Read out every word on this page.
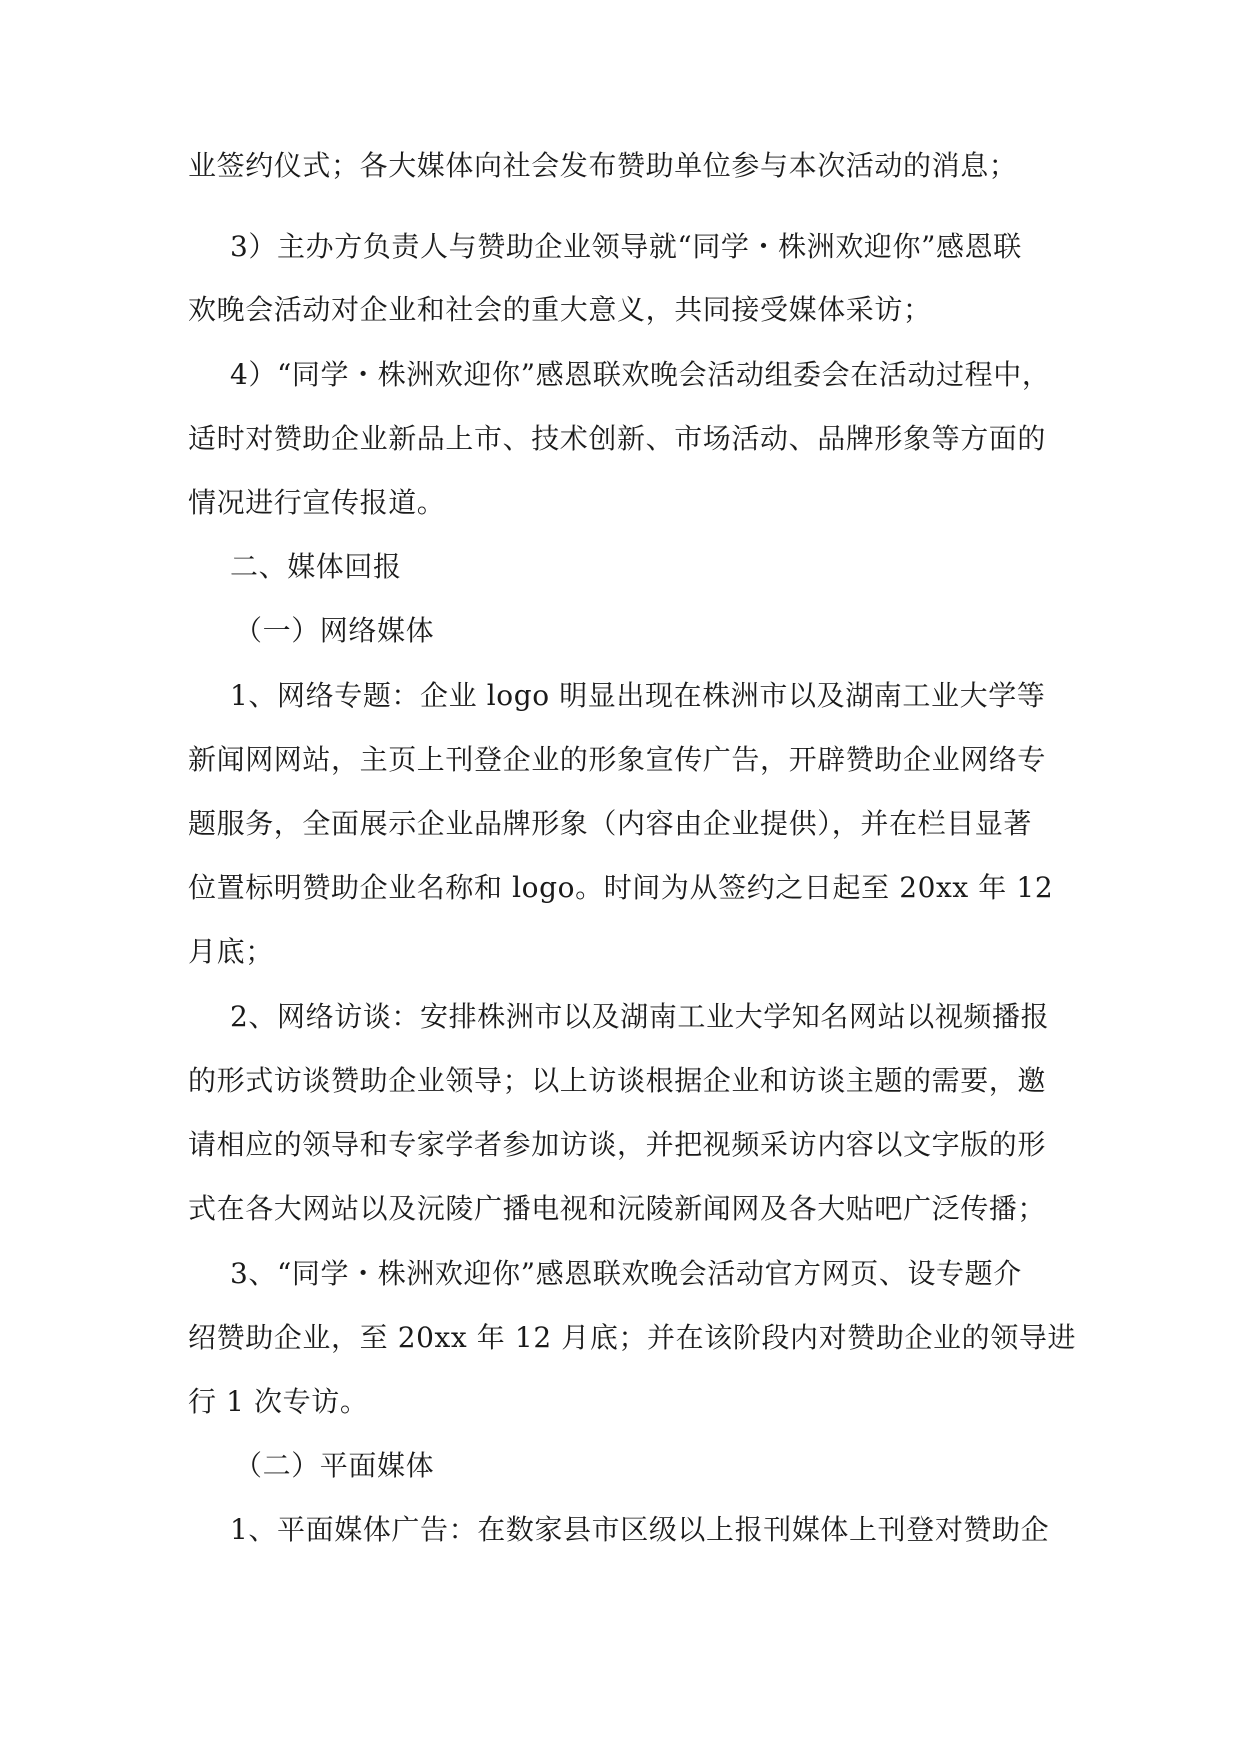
业签约仪式；各大媒体向社会发布赞助单位参与本次活动的消息；
3）主办方负责人与赞助企业领导就“同学・株洲欢迎你”感恩联
欢晚会活动对企业和社会的重大意义，共同接受媒体采访；
4）“同学・株洲欢迎你”感恩联欢晚会活动组委会在活动过程中，
适时对赞助企业新品上市、技术创新、市场活动、品牌形象等方面的
情况进行宣传报道。
二、媒体回报
（一）网络媒体
1、网络专题：企业 logo 明显出现在株洲市以及湖南工业大学等
新闻网网站，主页上刊登企业的形象宣传广告，开辟赞助企业网络专
题服务，全面展示企业品牌形象（内容由企业提供），并在栏目显著
位置标明赞助企业名称和 logo。时间为从签约之日起至 20xx 年 12
月底；
2、网络访谈：安排株洲市以及湖南工业大学知名网站以视频播报
的形式访谈赞助企业领导；以上访谈根据企业和访谈主题的需要，邀
请相应的领导和专家学者参加访谈，并把视频采访内容以文字版的形
式在各大网站以及沅陵广播电视和沅陵新闻网及各大贴吧广泛传播；
3、“同学・株洲欢迎你”感恩联欢晚会活动官方网页、设专题介
绍赞助企业，至 20xx 年 12 月底；并在该阶段内对赞助企业的领导进
行 1 次专访。
（二）平面媒体
1、平面媒体广告：在数家县市区级以上报刊媒体上刊登对赞助企
